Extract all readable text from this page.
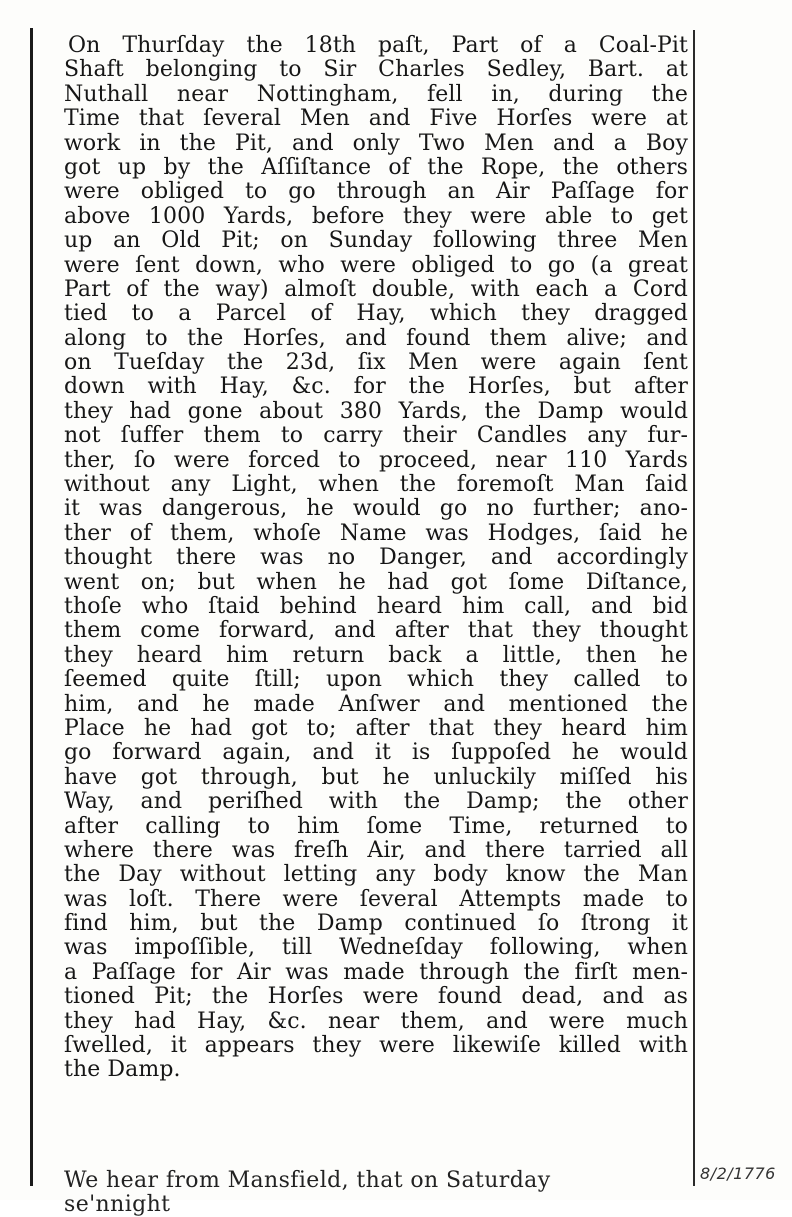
On Thurſday the 18th paſt, Part of a Coal-Pit
Shaft belonging to Sir Charles Sedley, Bart. at
Nuthall near Nottingham, fell in, during the
Time that ſeveral Men and Five Horſes were at
work in the Pit, and only Two Men and a Boy
got up by the Aſſiſtance of the Rope, the others
were obliged to go through an Air Paſſage for
above 1000 Yards, before they were able to get
up an Old Pit; on Sunday following three Men
were ſent down, who were obliged to go (a great
Part of the way) almoſt double, with each a Cord
tied to a Parcel of Hay, which they dragged
along to the Horſes, and found them alive; and
on Tueſday the 23d, ſix Men were again ſent
down with Hay, &c. for the Horſes, but after
they had gone about 380 Yards, the Damp would
not ſuffer them to carry their Candles any fur-
ther, ſo were forced to proceed, near 110 Yards
without any Light, when the foremoſt Man ſaid
it was dangerous, he would go no further; ano-
ther of them, whoſe Name was Hodges, ſaid he
thought there was no Danger, and accordingly
went on; but when he had got ſome Diſtance,
thoſe who ſtaid behind heard him call, and bid
them come forward, and after that they thought
they heard him return back a little, then he
ſeemed quite ſtill; upon which they called to
him, and he made Anſwer and mentioned the
Place he had got to; after that they heard him
go forward again, and it is ſuppoſed he would
have got through, but he unluckily miſſed his
Way, and periſhed with the Damp; the other
after calling to him ſome Time, returned to
where there was freſh Air, and there tarried all
the Day without letting any body know the Man
was loſt. There were ſeveral Attempts made to
find him, but the Damp continued ſo ſtrong it
was impoſſible, till Wedneſday following, when
a Paſſage for Air was made through the firſt men-
tioned Pit; the Horſes were found dead, and as
they had Hay, &c. near them, and were much
ſwelled, it appears they were likewiſe killed with
the Damp.
We hear from Mansfield, that on Saturday se'nnight
8/2/1776
